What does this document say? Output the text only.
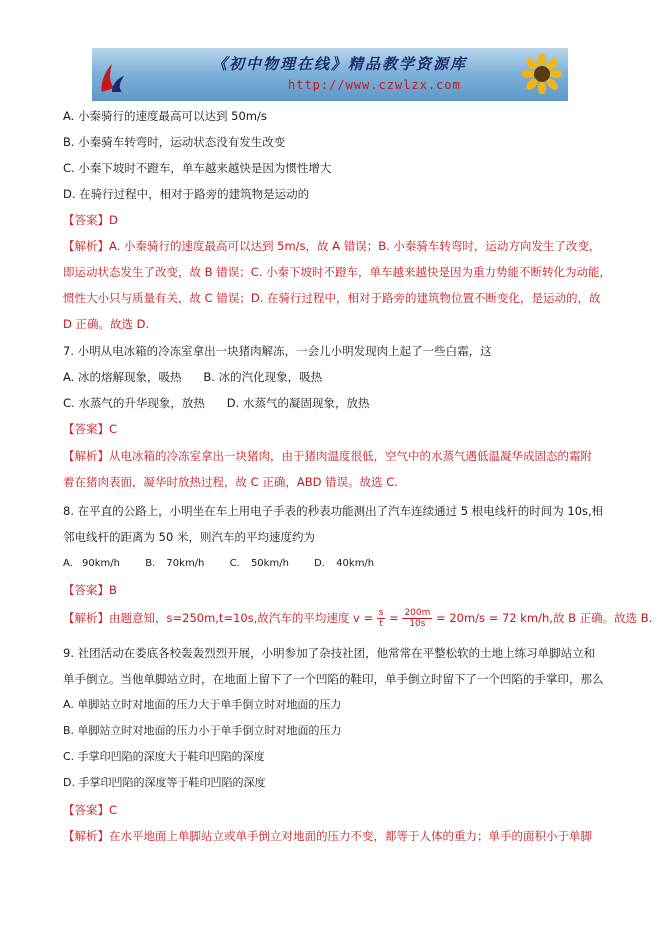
《初中物理在线》精品教学资源库
http://www.czwlzx.com
A. 小秦骑行的速度最高可以达到 50m/s
B. 小秦骑车转弯时，运动状态没有发生改变
C. 小秦下坡时不蹬车，单车越来越快是因为惯性增大
D. 在骑行过程中，相对于路旁的建筑物是运动的
【答案】D
【解析】A. 小秦骑行的速度最高可以达到 5m/s，故 A 错误；B. 小秦骑车转弯时，运动方向发生了改变，
即运动状态发生了改变，故 B 错误；C. 小秦下坡时不蹬车，单车越来越快是因为重力势能不断转化为动能，
惯性大小只与质量有关，故 C 错误；D. 在骑行过程中，相对于路旁的建筑物位置不断变化，是运动的，故
D 正确。故选 D.
7. 小明从电冰箱的冷冻室拿出一块猪肉解冻，一会儿小明发现肉上起了一些白霜，这
A. 冰的熔解现象，吸热      B. 冰的汽化现象，吸热
C. 水蒸气的升华现象，放热      D. 水蒸气的凝固现象，放热
【答案】C
【解析】从电冰箱的冷冻室拿出一块猪肉，由于猪肉温度很低，空气中的水蒸气遇低温凝华成固态的霜附
着在猪肉表面，凝华时放热过程，故 C 正确，ABD 错误。故选 C.
8. 在平直的公路上，小明坐在车上用电子手表的秒表功能测出了汽车连续通过 5 根电线杆的时间为 10s,相
邻电线杆的距离为 50 米，则汽车的平均速度约为
A. 90km/h	B. 70km/h	C. 50km/h	D. 40km/h
【答案】B
【解析】由题意知，s=250m,t=10s,故汽车的平均速度 $v = \frac{s}{t} = \frac{200m}{10s} = 20m/s = 72$ km/h,故 B 正确。故选 B.
9. 社团活动在娄底各校轰轰烈烈开展，小明参加了杂技社团，他常常在平整松软的土地上练习单脚站立和
单手倒立。当他单脚站立时，在地面上留下了一个凹陷的鞋印，单手倒立时留下了一个凹陷的手掌印，那么
A. 单脚站立时对地面的压力大于单手倒立时对地面的压力
B. 单脚站立时对地面的压力小于单手倒立时对地面的压力
C. 手掌印凹陷的深度大于鞋印凹陷的深度
D. 手掌印凹陷的深度等于鞋印凹陷的深度
【答案】C
【解析】在水平地面上单脚站立或单手倒立对地面的压力不变，都等于人体的重力；单手的面积小于单脚
